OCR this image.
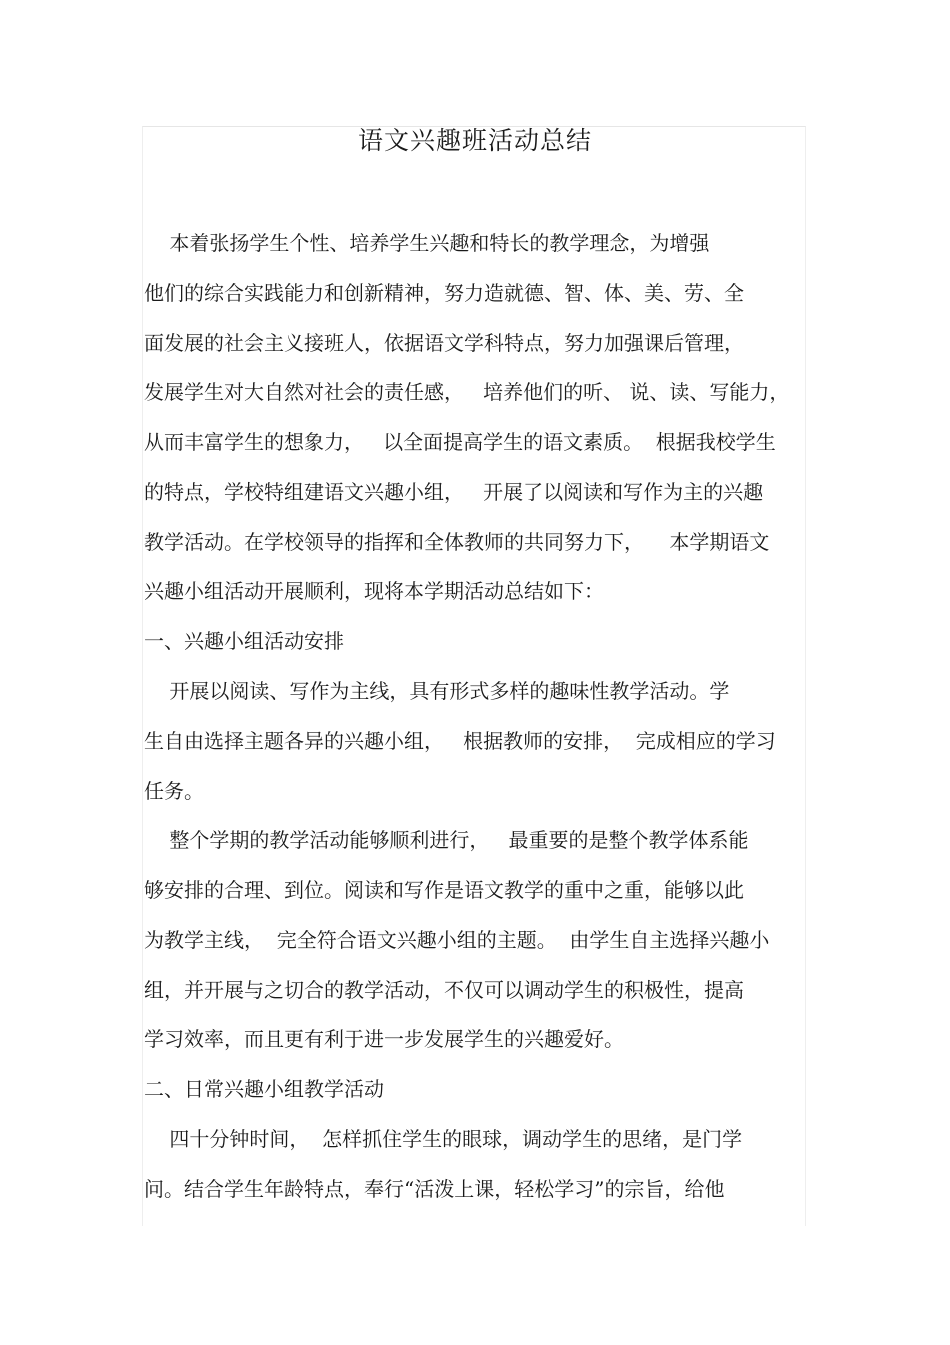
语文兴趣班活动总结
本着张扬学生个性、培养学生兴趣和特长的教学理念，为增强
他们的综合实践能力和创新精神，努力造就德、智、体、美、劳、全
面发展的社会主义接班人，依据语文学科特点，努力加强课后管理，
发展学生对大自然对社会的责任感，   培养他们的听、 说、读、写能力，
从而丰富学生的想象力，   以全面提高学生的语文素质。  根据我校学生
的特点，学校特组建语文兴趣小组，   开展了以阅读和写作为主的兴趣
教学活动。在学校领导的指挥和全体教师的共同努力下，    本学期语文
兴趣小组活动开展顺利，现将本学期活动总结如下：
一、兴趣小组活动安排
开展以阅读、写作为主线，具有形式多样的趣味性教学活动。学
生自由选择主题各异的兴趣小组，   根据教师的安排，  完成相应的学习
任务。
整个学期的教学活动能够顺利进行，   最重要的是整个教学体系能
够安排的合理、到位。阅读和写作是语文教学的重中之重，能够以此
为教学主线，  完全符合语文兴趣小组的主题。  由学生自主选择兴趣小
组，并开展与之切合的教学活动，不仅可以调动学生的积极性，提高
学习效率，而且更有利于进一步发展学生的兴趣爱好。
二、日常兴趣小组教学活动
四十分钟时间，  怎样抓住学生的眼球，调动学生的思绪，是门学
问。结合学生年龄特点，奉行“活泼上课，轻松学习”的宗旨，给他
